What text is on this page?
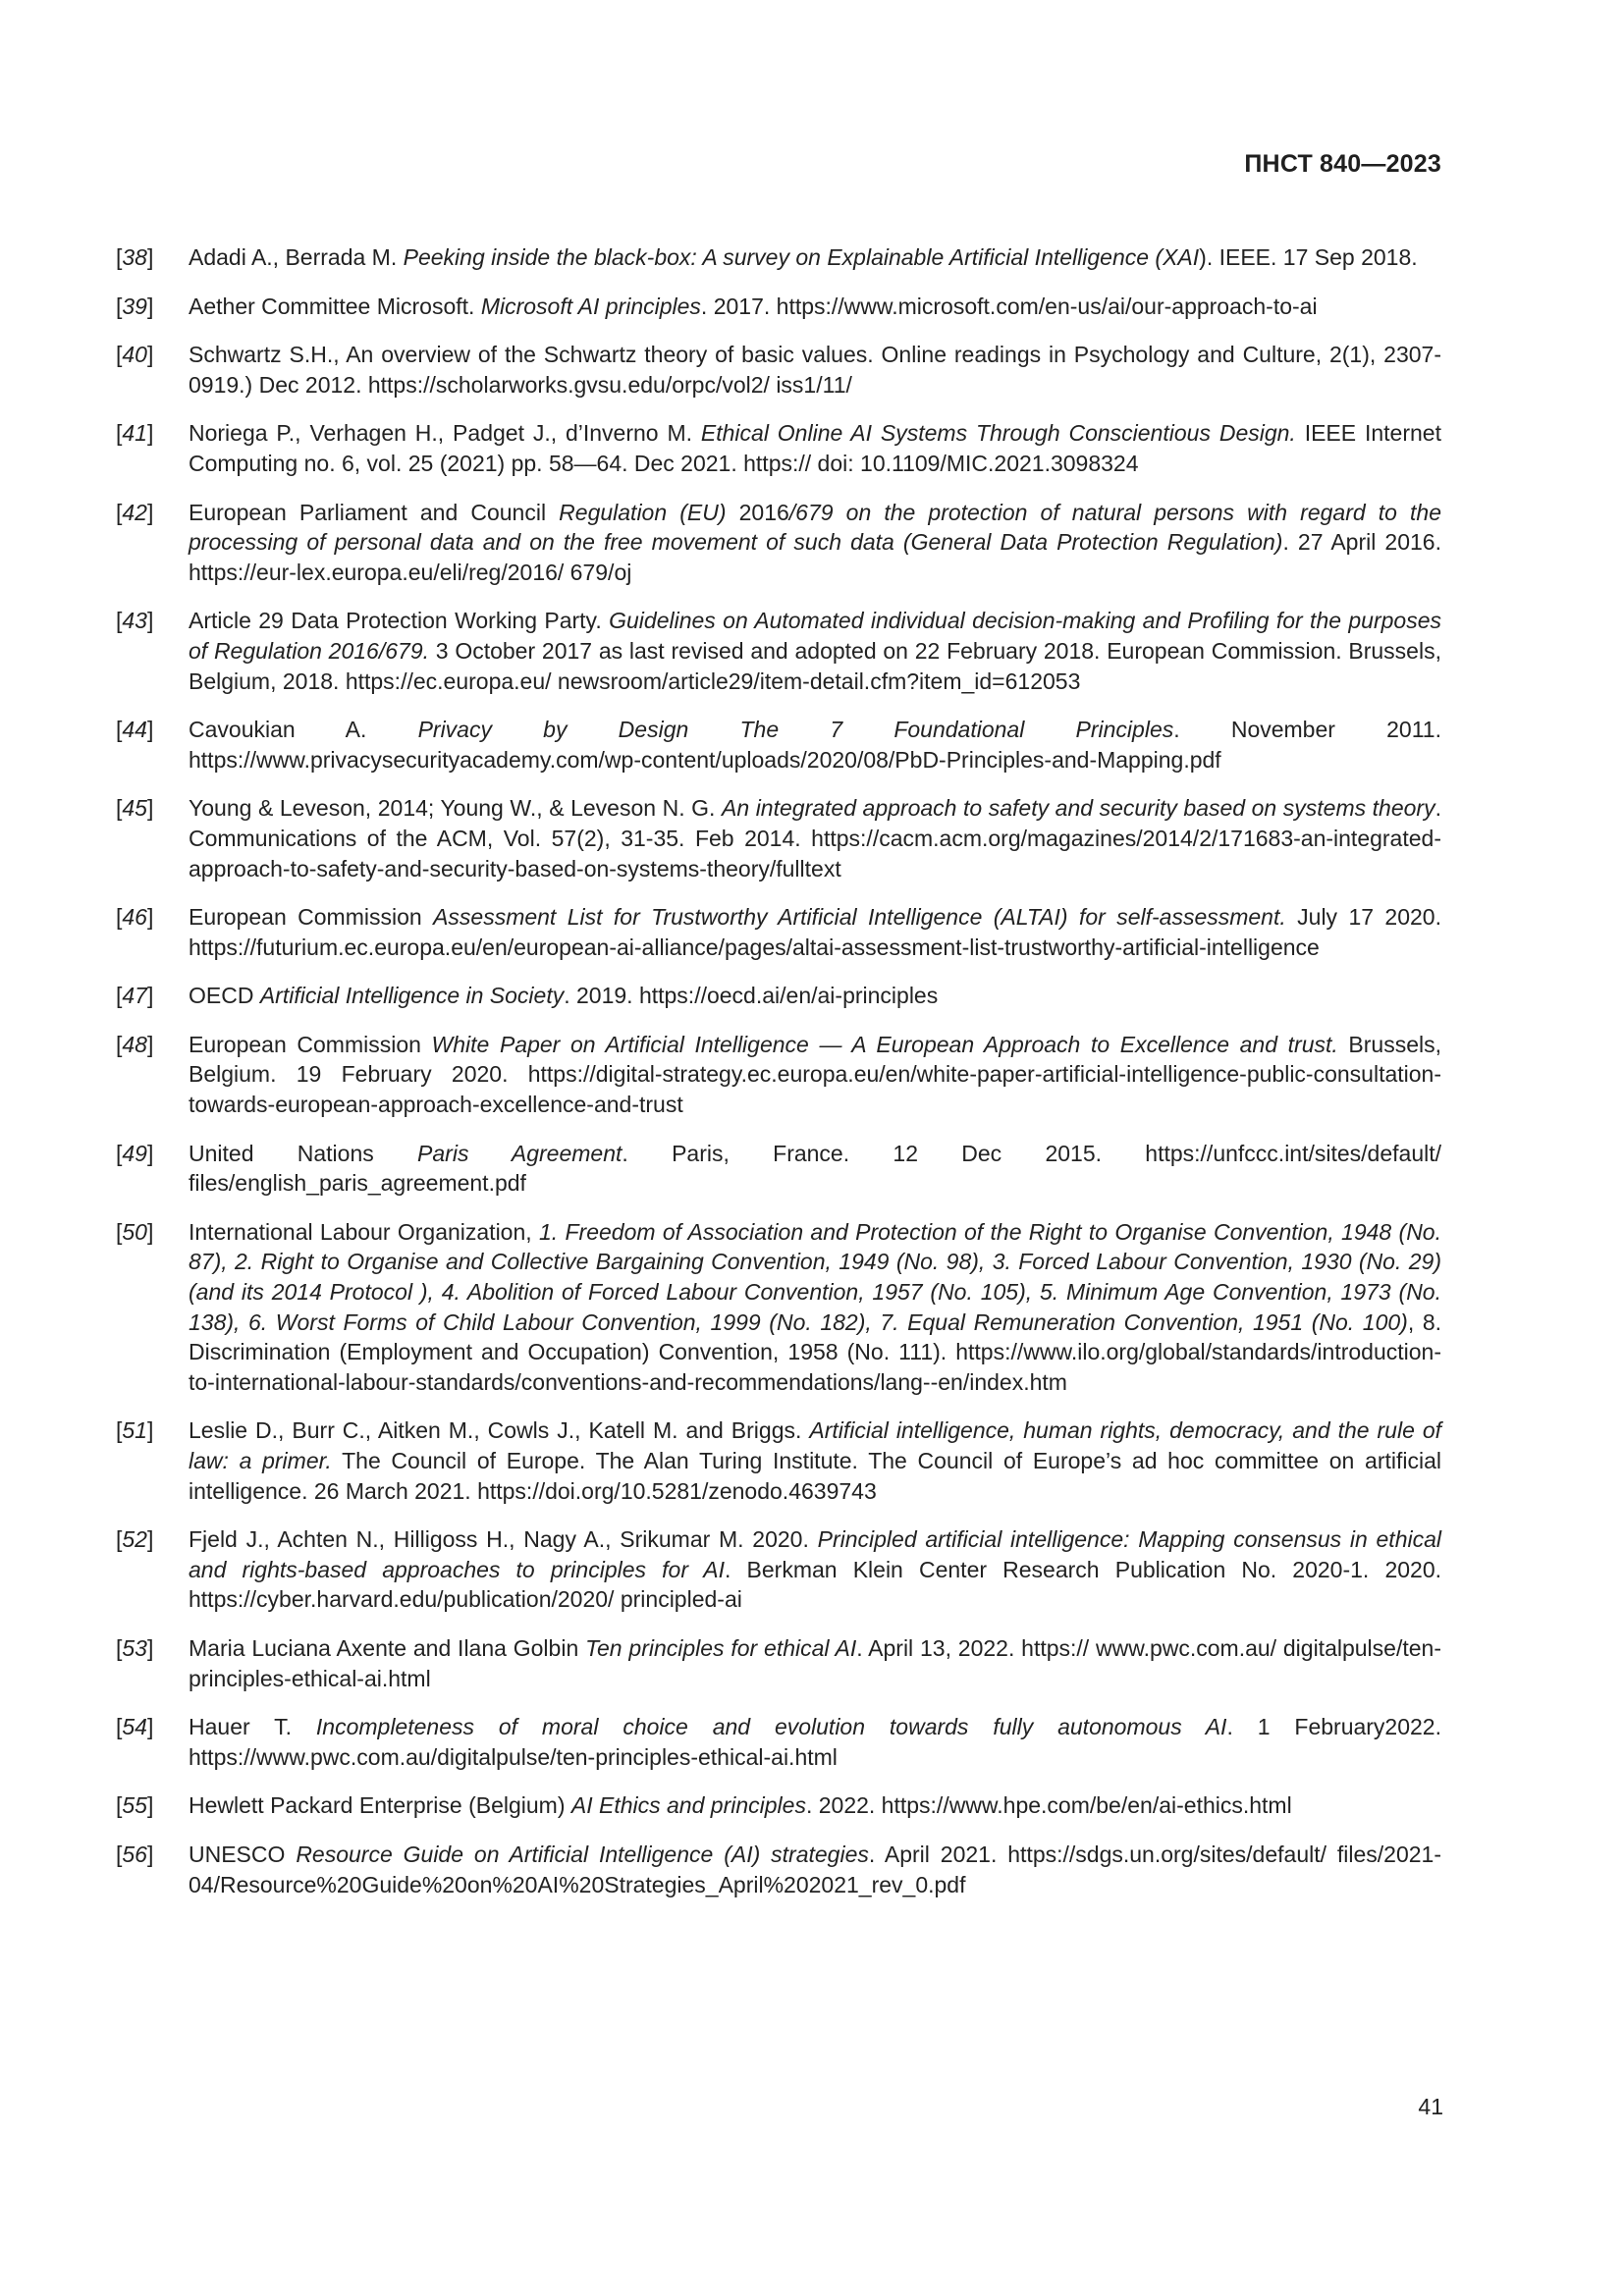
ПНСТ 840—2023
[38]	Adadi A., Berrada M. Peeking inside the black-box: A survey on Explainable Artificial Intelligence (XAI). IEEE. 17 Sep 2018.
[39]	Aether Committee Microsoft. Microsoft AI principles. 2017. https://www.microsoft.com/en-us/ai/our-approach-to-ai
[40]	Schwartz S.H., An overview of the Schwartz theory of basic values. Online readings in Psychology and Culture, 2(1), 2307-0919.) Dec 2012. https://scholarworks.gvsu.edu/orpc/vol2/ iss1/11/
[41]	Noriega P., Verhagen H., Padget J., d’Inverno M. Ethical Online AI Systems Through Conscientious Design. IEEE Internet Computing no. 6, vol. 25 (2021) pp. 58—64. Dec 2021. https:// doi: 10.1109/MIC.2021.3098324
[42]	European Parliament and Council Regulation (EU) 2016/679 on the protection of natural persons with regard to the processing of personal data and on the free movement of such data (General Data Protection Regulation). 27 April 2016. https://eur-lex.europa.eu/eli/reg/2016/ 679/oj
[43]	Article 29 Data Protection Working Party. Guidelines on Automated individual decision-making and Profiling for the purposes of Regulation 2016/679. 3 October 2017 as last revised and adopted on 22 February 2018. European Commission. Brussels, Belgium, 2018. https://ec.europa.eu/ newsroom/article29/item-detail.cfm?item_id=612053
[44]	Cavoukian A. Privacy by Design The 7 Foundational Principles. November 2011. https://www.privacysecurityacademy.com/wp-content/uploads/2020/08/PbD-Principles-and-Mapping.pdf
[45]	Young & Leveson, 2014; Young W., & Leveson N. G. An integrated approach to safety and security based on systems theory. Communications of the ACM, Vol. 57(2), 31-35. Feb 2014. https://cacm.acm.org/magazines/2014/2/171683-an-integrated-approach-to-safety-and-security-based-on-systems-theory/fulltext
[46]	European Commission Assessment List for Trustworthy Artificial Intelligence (ALTAI) for self-assessment. July 17 2020. https://futurium.ec.europa.eu/en/european-ai-alliance/pages/altai-assessment-list-trustworthy-artificial-intelligence
[47]	OECD Artificial Intelligence in Society. 2019. https://oecd.ai/en/ai-principles
[48]	European Commission White Paper on Artificial Intelligence — A European Approach to Excellence and trust. Brussels, Belgium. 19 February 2020. https://digital-strategy.ec.europa.eu/en/white-paper-artificial-intelligence-public-consultation-towards-european-approach-excellence-and-trust
[49]	United Nations Paris Agreement. Paris, France. 12 Dec 2015. https://unfccc.int/sites/default/ files/english_paris_agreement.pdf
[50]	International Labour Organization, 1. Freedom of Association and Protection of the Right to Organise Convention, 1948 (No. 87), 2. Right to Organise and Collective Bargaining Convention, 1949 (No. 98), 3. Forced Labour Convention, 1930 (No. 29) (and its 2014 Protocol ), 4. Abolition of Forced Labour Convention, 1957 (No. 105), 5. Minimum Age Convention, 1973 (No. 138), 6. Worst Forms of Child Labour Convention, 1999 (No. 182), 7. Equal Remuneration Convention, 1951 (No. 100), 8. Discrimination (Employment and Occupation) Convention, 1958 (No. 111). https://www.ilo.org/global/standards/introduction-to-international-labour-standards/conventions-and-recommendations/lang--en/index.htm
[51]	Leslie D., Burr C., Aitken M., Cowls J., Katell M. and Briggs. Artificial intelligence, human rights, democracy, and the rule of law: a primer. The Council of Europe. The Alan Turing Institute. The Council of Europe’s ad hoc committee on artificial intelligence. 26 March 2021. https://doi.org/10.5281/zenodo.4639743
[52]	Fjeld J., Achten N., Hilligoss H., Nagy A., Srikumar M. 2020. Principled artificial intelligence: Mapping consensus in ethical and rights-based approaches to principles for AI. Berkman Klein Center Research Publication No. 2020-1. 2020. https://cyber.harvard.edu/publication/2020/ principled-ai
[53]	Maria Luciana Axente and Ilana Golbin Ten principles for ethical AI. April 13, 2022. https:// www.pwc.com.au/ digitalpulse/ten-principles-ethical-ai.html
[54]	Hauer T. Incompleteness of moral choice and evolution towards fully autonomous AI. 1 February2022. https://www.pwc.com.au/digitalpulse/ten-principles-ethical-ai.html
[55]	Hewlett Packard Enterprise (Belgium) AI Ethics and principles. 2022. https://www.hpe.com/be/en/ai-ethics.html
[56]	UNESCO Resource Guide on Artificial Intelligence (AI) strategies. April 2021. https://sdgs.un.org/sites/default/ files/2021-04/Resource%20Guide%20on%20AI%20Strategies_April%202021_rev_0.pdf
41
